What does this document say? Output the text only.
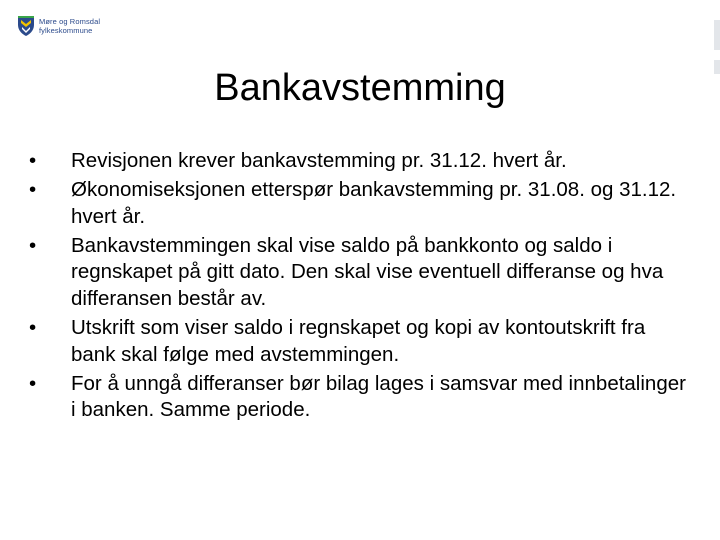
Møre og Romsdal
fylkeskommune
Bankavstemming
•	Revisjonen krever bankavstemming pr. 31.12. hvert år.
•	Økonomiseksjonen etterspør bankavstemming pr. 31.08. og 31.12. hvert år.
•	Bankavstemmingen skal vise saldo på bankkonto og saldo i regnskapet på gitt dato. Den skal vise eventuell differanse og hva differansen består av.
•	Utskrift som viser saldo i regnskapet og kopi av kontoutskrift fra bank skal følge med avstemmingen.
•	For å unngå differanser bør bilag lages i samsvar med innbetalinger i banken. Samme periode.
